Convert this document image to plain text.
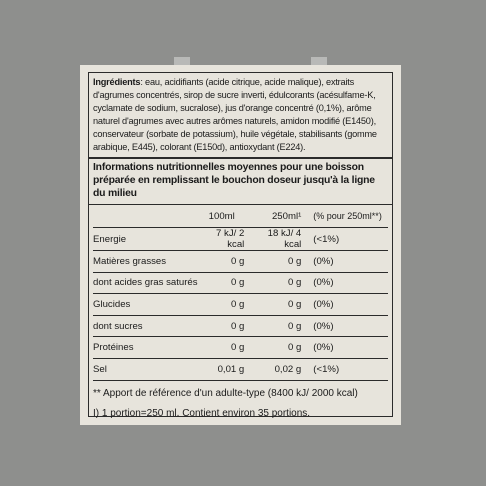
Ingrédients: eau, acidifiants (acide citrique, acide malique), extraits d'agrumes concentrés, sirop de sucre inverti, édulcorants (acésulfame-K, cyclamate de sodium, sucralose), jus d'orange concentré (0,1%), arôme naturel d'agrumes avec autres arômes naturels, amidon modifié (E1450), conservateur (sorbate de potassium), huile végétale, stabilisants (gomme arabique, E445), colorant (E150d), antioxydant (E224).
Informations nutritionnelles moyennes pour une boisson préparée en remplissant le bouchon doseur jusqu'à la ligne du milieu
	100ml	250ml¹	(% pour 250ml**)
Energie	7 kJ/ 2 kcal	18 kJ/ 4 kcal	(<1%)
Matières grasses	0 g	0 g	(0%)
dont acides gras saturés	0 g	0 g	(0%)
Glucides	0 g	0 g	(0%)
dont sucres	0 g	0 g	(0%)
Protéines	0 g	0 g	(0%)
Sel	0,01 g	0,02 g	(<1%)
** Apport de référence d'un adulte-type (8400 kJ/ 2000 kcal)
I) 1 portion=250 ml. Contient environ 35 portions.
